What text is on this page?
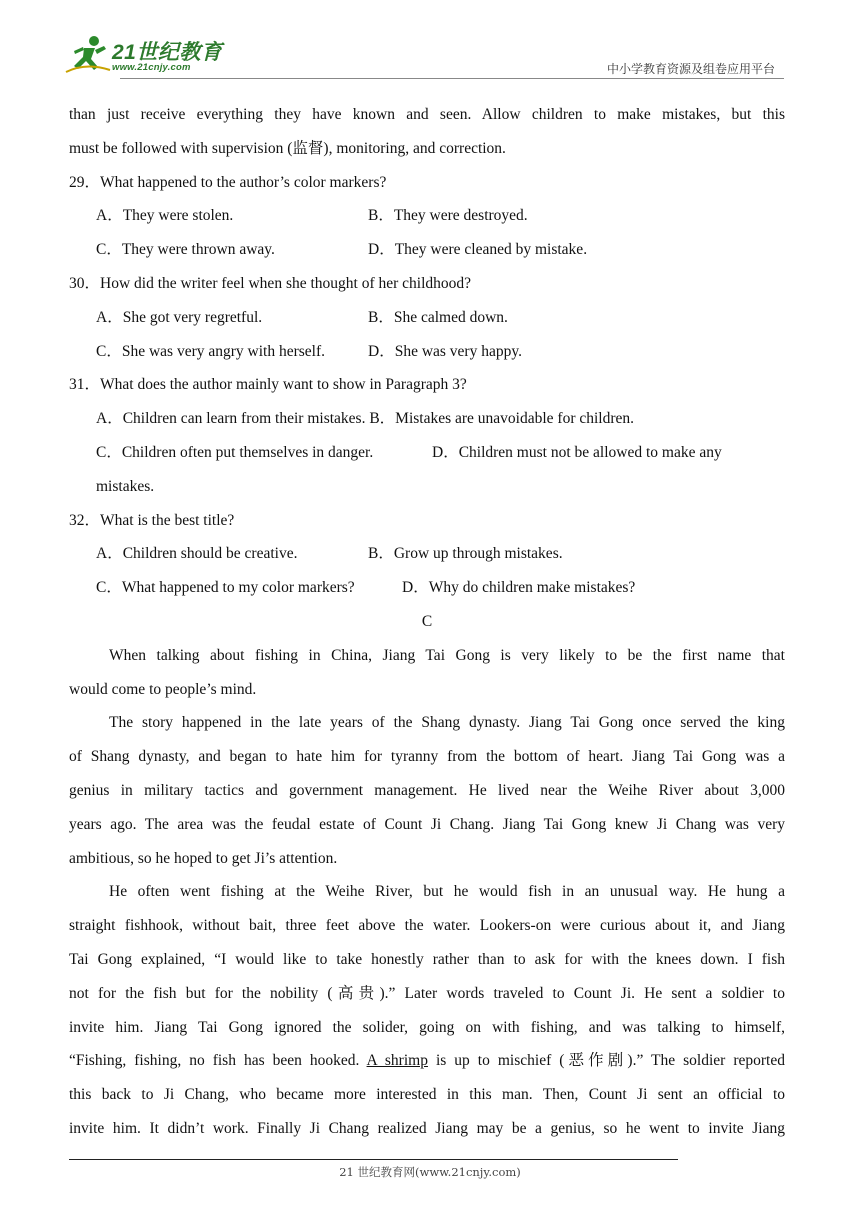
21世纪教育
www.21cnjy.com	中小学教育资源及组卷应用平台
than just receive everything they have known and seen. Allow children to make mistakes, but this
must be followed with supervision (监督), monitoring, and correction.
29．What happened to the author’s color markers?
A．They were stolen.	B．They were destroyed.
C．They were thrown away.	D．They were cleaned by mistake.
30．How did the writer feel when she thought of her childhood?
A．She got very regretful.	B．She calmed down.
C．She was very angry with herself.	D．She was very happy.
31．What does the author mainly want to show in Paragraph 3?
A．Children can learn from their mistakes. B．Mistakes are unavoidable for children.
C．Children often put themselves in danger.	D．Children must not be allowed to make any
mistakes.
32．What is the best title?
A．Children should be creative.	B．Grow up through mistakes.
C．What happened to my color markers?	D．Why do children make mistakes?
C
When talking about fishing in China, Jiang Tai Gong is very likely to be the first name that
would come to people’s mind.
The story happened in the late years of the Shang dynasty. Jiang Tai Gong once served the king
of Shang dynasty, and began to hate him for tyranny from the bottom of heart. Jiang Tai Gong was a
genius in military tactics and government management. He lived near the Weihe River about 3,000
years ago. The area was the feudal estate of Count Ji Chang. Jiang Tai Gong knew Ji Chang was very
ambitious, so he hoped to get Ji’s attention.
He often went fishing at the Weihe River, but he would fish in an unusual way. He hung a
straight fishhook, without bait, three feet above the water. Lookers-on were curious about it, and Jiang
Tai Gong explained, “I would like to take honestly rather than to ask for with the knees down. I fish
not for the fish but for the nobility (高贵).” Later words traveled to Count Ji. He sent a soldier to
invite him. Jiang Tai Gong ignored the solider, going on with fishing, and was talking to himself,
“Fishing, fishing, no fish has been hooked. A shrimp is up to mischief (恶作剧).” The soldier reported
this back to Ji Chang, who became more interested in this man. Then, Count Ji sent an official to
invite him. It didn’t work. Finally Ji Chang realized Jiang may be a genius, so he went to invite Jiang
21 世纪教育网(www.21cnjy.com)
